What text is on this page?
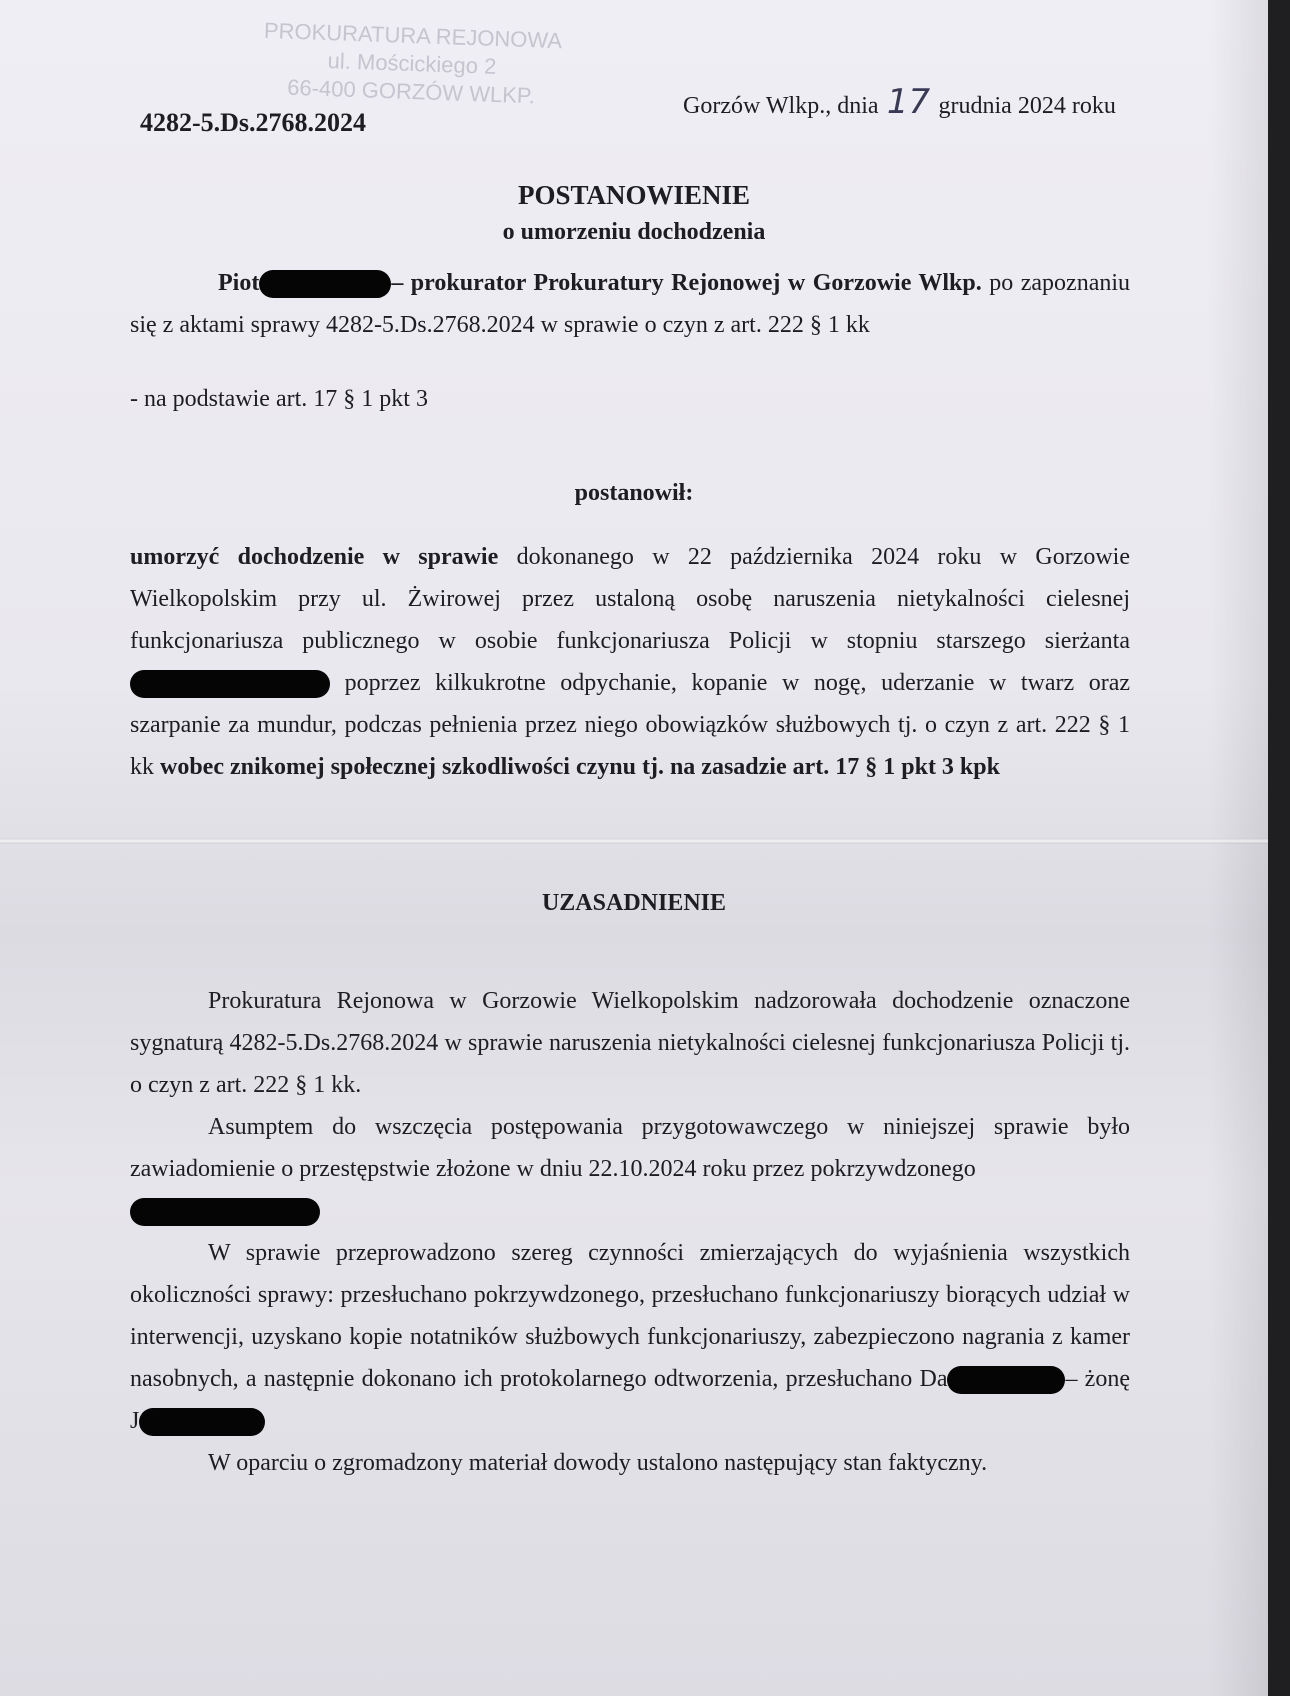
PROKURATURA REJONOWA
ul. Mościckiego 2
66-400 GORZÓW WLKP.
4282-5.Ds.2768.2024
Gorzów Wlkp., dnia 17 grudnia 2024 roku
POSTANOWIENIE
o umorzeniu dochodzenia
Piot	– prokurator Prokuratury Rejonowej w Gorzowie Wlkp. po zapoznaniu się z aktami sprawy 4282-5.Ds.2768.2024 w sprawie o czyn z art. 222 § 1 kk
- na podstawie art. 17 § 1 pkt 3
postanowił:
umorzyć dochodzenie w sprawie dokonanego w 22 października 2024 roku w Gorzowie Wielkopolskim przy ul. Żwirowej przez ustaloną osobę naruszenia nietykalności cielesnej funkcjonariusza publicznego w osobie funkcjonariusza Policji w stopniu starszego sierżanta  poprzez kilkukrotne odpychanie, kopanie w nogę, uderzanie w twarz oraz szarpanie za mundur, podczas pełnienia przez niego obowiązków służbowych tj. o czyn z art. 222 § 1 kk wobec znikomej społecznej szkodliwości czynu tj. na zasadzie art. 17 § 1 pkt 3 kpk
UZASADNIENIE

Prokuratura Rejonowa w Gorzowie Wielkopolskim nadzorowała dochodzenie oznaczone sygnaturą 4282-5.Ds.2768.2024 w sprawie naruszenia nietykalności cielesnej funkcjonariusza Policji tj. o czyn z art. 222 § 1 kk.

Asumptem do wszczęcia postępowania przygotowawczego w niniejszej sprawie było zawiadomienie o przestępstwie złożone w dniu 22.10.2024 roku przez pokrzywdzonego

W sprawie przeprowadzono szereg czynności zmierzających do wyjaśnienia wszystkich okoliczności sprawy: przesłuchano pokrzywdzonego, przesłuchano funkcjonariuszy biorących udział w interwencji, uzyskano kopie notatników służbowych funkcjonariuszy, zabezpieczono nagrania z kamer nasobnych, a następnie dokonano ich protokolarnego odtworzenia, przesłuchano Da	– żonę J

W oparciu o zgromadzony materiał dowody ustalono następujący stan faktyczny.
